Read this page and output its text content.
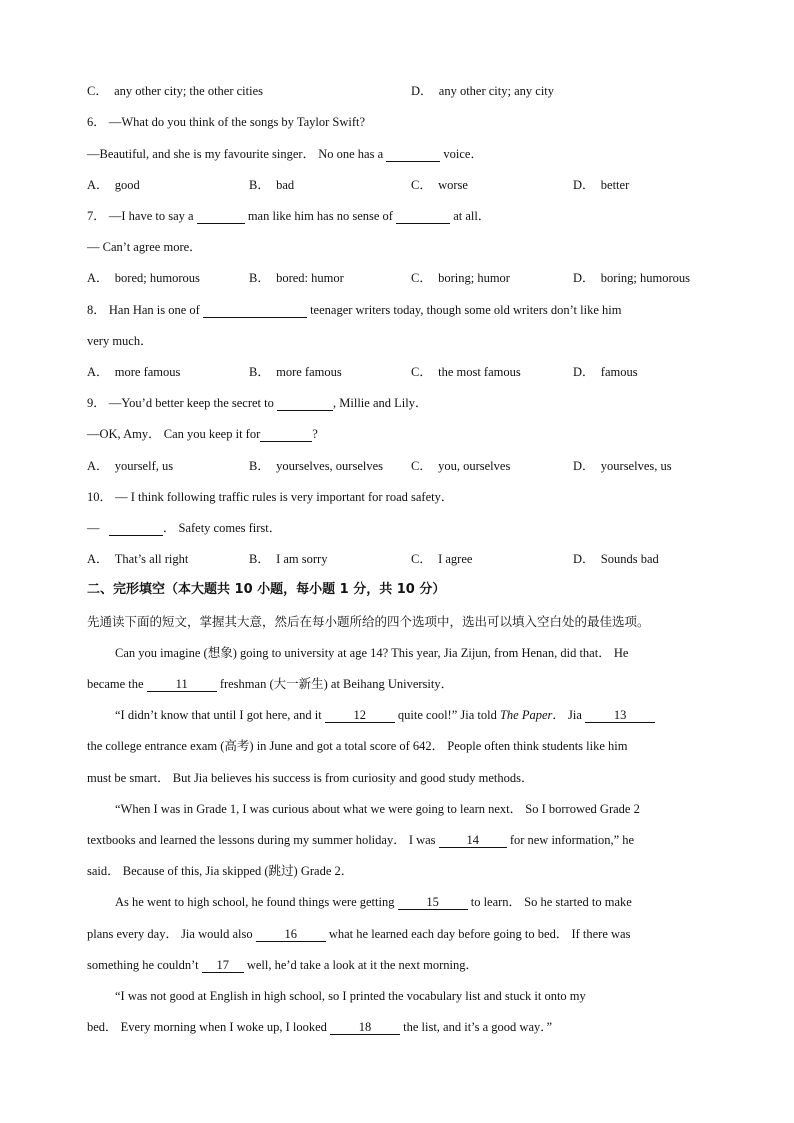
C． any other city; the other cities	D． any other city; any city
6． —What do you think of the songs by Taylor Swift?
—Beautiful, and she is my favourite singer． No one has a	voice．
A． good	B． bad	C． worse	D． better
7． —I have to say a	man like him has no sense of	at all．
— Can’t agree more．
A． bored; humorous	B． bored: humor	C． boring; humor	D． boring; humorous
8． Han Han is one of	teenager writers today, though some old writers don’t like him
very much．
A． more famous	B． more famous	C． the most famous	D． famous
9． —You’d better keep the secret to	, Millie and Lily．
—OK, Amy． Can you keep it for	?
A． yourself, us	B． yourselves, ourselves C． you, ourselves	D． yourselves, us
10． — I think following traffic rules is very important for road safety．
—	． Safety comes first．
A． That’s all right	B． I am sorry	C． I agree	D． Sounds bad
二、完形填空（本大题共 10 小题，每小题 1 分，共 10 分）
先通读下面的短文，掌握其大意，然后在每小题所给的四个选项中，选出可以填入空白处的最佳选项。
Can you imagine (想象) going to university at age 14? This year, Jia Zijun, from Henan, did that． He
became the	11	freshman (大一新生) at Beihang University．
“I didn’t know that until I got here, and it	12	quite cool!” Jia told The Paper． Jia	13
the college entrance exam (高考) in June and got a total score of 642． People often think students like him
must be smart． But Jia believes his success is from curiosity and good study methods．
“When I was in Grade 1, I was curious about what we were going to learn next． So I borrowed Grade 2
textbooks and learned the lessons during my summer holiday． I was 14 for new information,” he
said． Because of this, Jia skipped (跳过) Grade 2．
As he went to high school, he found things were getting	15	to learn． So he started to make
plans every day． Jia would also	16	what he learned each day before going to bed． If there was
something he couldn’t 17 well, he’d take a look at it the next morning．
“I was not good at English in high school, so I printed the vocabulary list and stuck it onto my
bed． Every morning when I woke up, I looked	18	the list, and it’s a good way．”
